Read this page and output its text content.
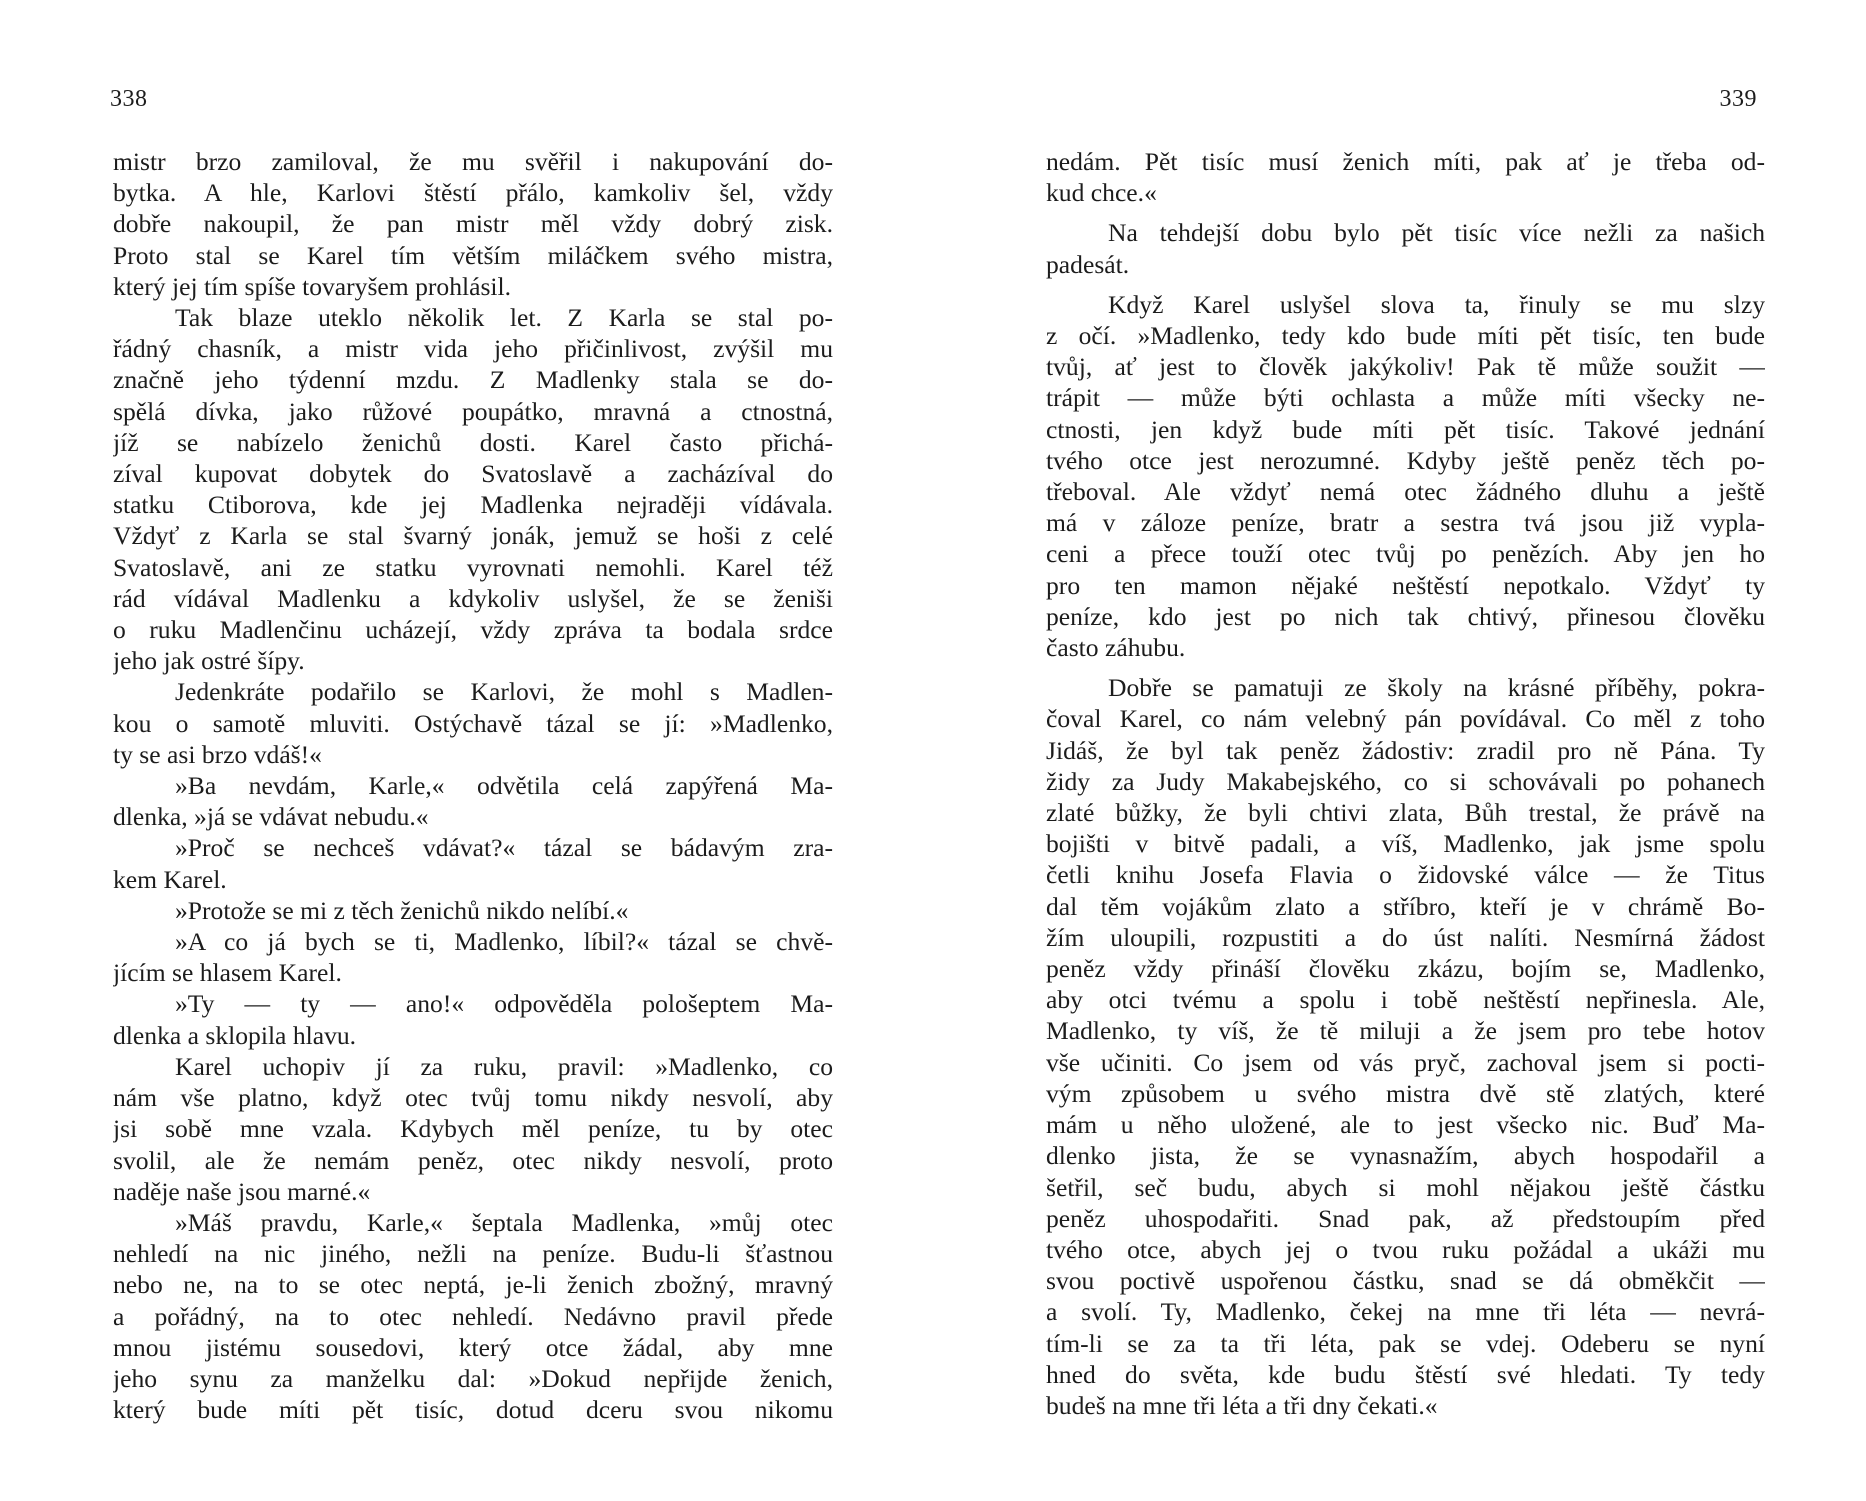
338
mistr brzo zamiloval, že mu svěřil i nakupování do-
bytka. A hle, Karlovi štěstí přálo, kamkoliv šel, vždy
dobře nakoupil, že pan mistr měl vždy dobrý zisk.
Proto stal se Karel tím větším miláčkem svého mistra,
který jej tím spíše tovaryšem prohlásil.
Tak blaze uteklo několik let. Z Karla se stal po-
řádný chasník, a mistr vida jeho přičinlivost, zvýšil mu
značně jeho týdenní mzdu. Z Madlenky stala se do-
spělá dívka, jako růžové poupátko, mravná a ctnostná,
jíž se nabízelo ženichů dosti. Karel často přichá-
zíval kupovat dobytek do Svatoslavě a zacházíval do
statku Ctiborova, kde jej Madlenka nejraději vídávala.
Vždyť z Karla se stal švarný jonák, jemuž se hoši z celé
Svatoslavě, ani ze statku vyrovnati nemohli. Karel též
rád vídával Madlenku a kdykoliv uslyšel, že se ženiši
o ruku Madlenčinu ucházejí, vždy zpráva ta bodala srdce
jeho jak ostré šípy.
Jedenkráte podařilo se Karlovi, že mohl s Madlen-
kou o samotě mluviti. Ostýchavě tázal se jí: »Madlenko,
ty se asi brzo vdáš!«
»Ba nevdám, Karle,« odvětila celá zapýřená Ma-
dlenka, »já se vdávat nebudu.«
»Proč se nechceš vdávat?« tázal se bádavým zra-
kem Karel.
»Protože se mi z těch ženichů nikdo nelíbí.«
»A co já bych se ti, Madlenko, líbil?« tázal se chvě-
jícím se hlasem Karel.
»Ty — ty — ano!« odpověděla pološeptem Ma-
dlenka a sklopila hlavu.
Karel uchopiv jí za ruku, pravil: »Madlenko, co
nám vše platno, když otec tvůj tomu nikdy nesvolí, aby
jsi sobě mne vzala. Kdybych měl peníze, tu by otec
svolil, ale že nemám peněz, otec nikdy nesvolí, proto
naděje naše jsou marné.«
»Máš pravdu, Karle,« šeptala Madlenka, »můj otec
nehledí na nic jiného, nežli na peníze. Budu-li šťastnou
nebo ne, na to se otec neptá, je-li ženich zbožný, mravný
a pořádný, na to otec nehledí. Nedávno pravil přede
mnou jistému sousedovi, který otce žádal, aby mne
jeho synu za manželku dal: »Dokud nepřijde ženich,
který bude míti pět tisíc, dotud dceru svou nikomu
339
nedám. Pět tisíc musí ženich míti, pak ať je třeba od-
kud chce.«
Na tehdejší dobu bylo pět tisíc více nežli za našich
padesát.
Když Karel uslyšel slova ta, řinuly se mu slzy
z očí. »Madlenko, tedy kdo bude míti pět tisíc, ten bude
tvůj, ať jest to člověk jakýkoliv! Pak tě může soužit —
trápit — může býti ochlasta a může míti všecky ne-
ctnosti, jen když bude míti pět tisíc. Takové jednání
tvého otce jest nerozumné. Kdyby ještě peněz těch po-
třeboval. Ale vždyť nemá otec žádného dluhu a ještě
má v záloze peníze, bratr a sestra tvá jsou již vypla-
ceni a přece touží otec tvůj po penězích. Aby jen ho
pro ten mamon nějaké neštěstí nepotkalo. Vždyť ty
peníze, kdo jest po nich tak chtivý, přinesou člověku
často záhubu.
Dobře se pamatuji ze školy na krásné příběhy, pokra-
čoval Karel, co nám velebný pán povídával. Co měl z toho
Jidáš, že byl tak peněz žádostiv: zradil pro ně Pána. Ty
židy za Judy Makabejského, co si schovávali po pohanech
zlaté bůžky, že byli chtivi zlata, Bůh trestal, že právě na
bojišti v bitvě padali, a víš, Madlenko, jak jsme spolu
četli knihu Josefa Flavia o židovské válce — že Titus
dal těm vojákům zlato a stříbro, kteří je v chrámě Bo-
žím uloupili, rozpustiti a do úst nalíti. Nesmírná žádost
peněz vždy přináší člověku zkázu, bojím se, Madlenko,
aby otci tvému a spolu i tobě neštěstí nepřinesla. Ale,
Madlenko, ty víš, že tě miluji a že jsem pro tebe hotov
vše učiniti. Co jsem od vás pryč, zachoval jsem si pocti-
vým způsobem u svého mistra dvě stě zlatých, které
mám u něho uložené, ale to jest všecko nic. Buď Ma-
dlenko jista, že se vynasnažím, abych hospodařil a
šetřil, seč budu, abych si mohl nějakou ještě částku
peněz uhospodařiti. Snad pak, až předstoupím před
tvého otce, abych jej o tvou ruku požádal a ukáži mu
svou poctivě uspořenou částku, snad se dá obměkčit —
a svolí. Ty, Madlenko, čekej na mne tři léta — nevrá-
tím-li se za ta tři léta, pak se vdej. Odeberu se nyní
hned do světa, kde budu štěstí své hledati. Ty tedy
budeš na mne tři léta a tři dny čekati.«
